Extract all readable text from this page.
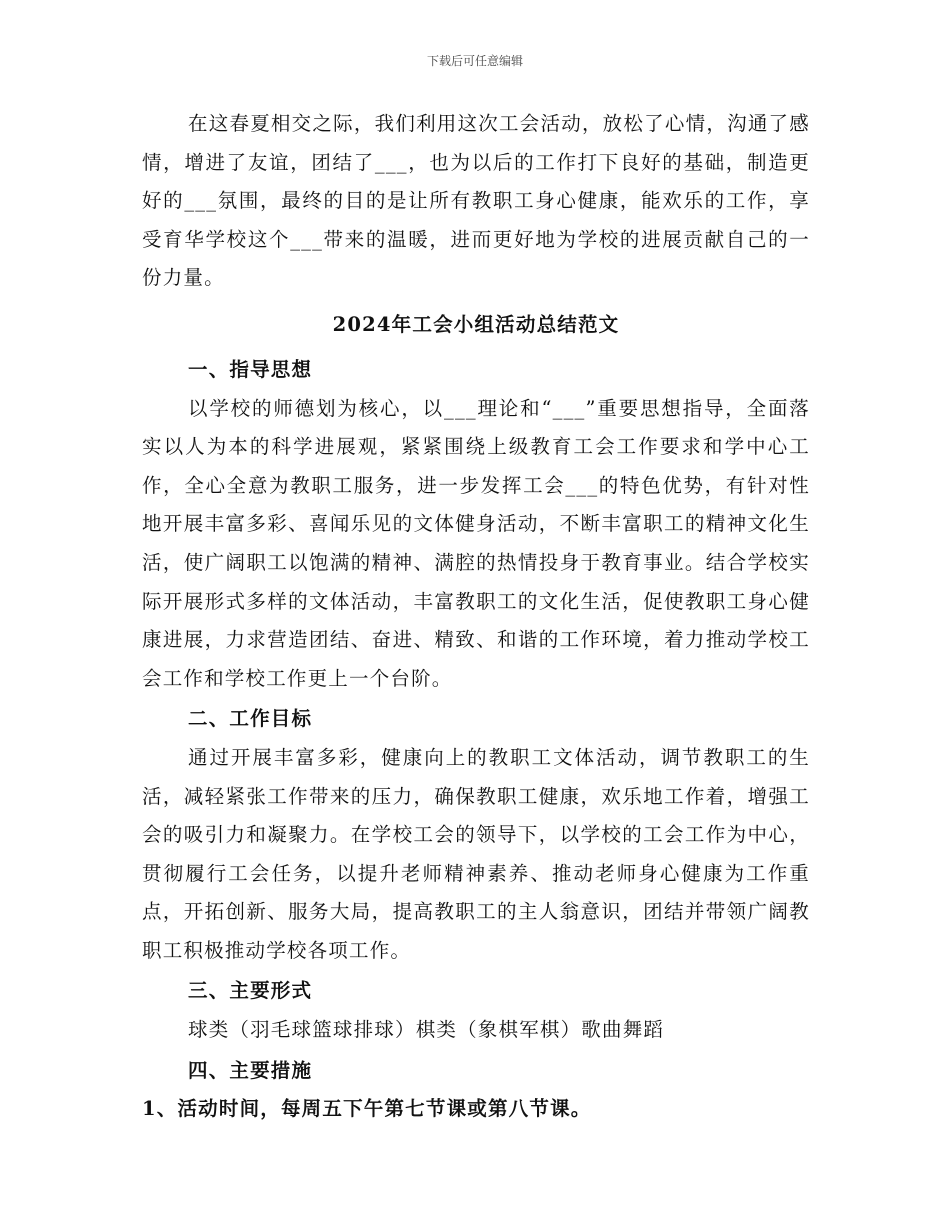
下载后可任意编辑

在这春夏相交之际，我们利用这次工会活动，放松了心情，沟通了感情，增进了友谊，团结了___，也为以后的工作打下良好的基础，制造更好的___氛围，最终的目的是让所有教职工身心健康，能欢乐的工作，享受育华学校这个___带来的温暖，进而更好地为学校的进展贡献自己的一份力量。

2024年工会小组活动总结范文

一、指导思想

以学校的师德划为核心，以___理论和“___”重要思想指导，全面落实以人为本的科学进展观，紧紧围绕上级教育工会工作要求和学中心工作，全心全意为教职工服务，进一步发挥工会___的特色优势，有针对性地开展丰富多彩、喜闻乐见的文体健身活动，不断丰富职工的精神文化生活，使广阔职工以饱满的精神、满腔的热情投身于教育事业。结合学校实际开展形式多样的文体活动，丰富教职工的文化生活，促使教职工身心健康进展，力求营造团结、奋进、精致、和谐的工作环境，着力推动学校工会工作和学校工作更上一个台阶。

二、工作目标

通过开展丰富多彩，健康向上的教职工文体活动，调节教职工的生活，减轻紧张工作带来的压力，确保教职工健康，欢乐地工作着，增强工会的吸引力和凝聚力。在学校工会的领导下，以学校的工会工作为中心，贯彻履行工会任务，以提升老师精神素养、推动老师身心健康为工作重点，开拓创新、服务大局，提高教职工的主人翁意识，团结并带领广阔教职工积极推动学校各项工作。

三、主要形式

球类（羽毛球篮球排球）棋类（象棋军棋）歌曲舞蹈

四、主要措施

1、活动时间，每周五下午第七节课或第八节课。
